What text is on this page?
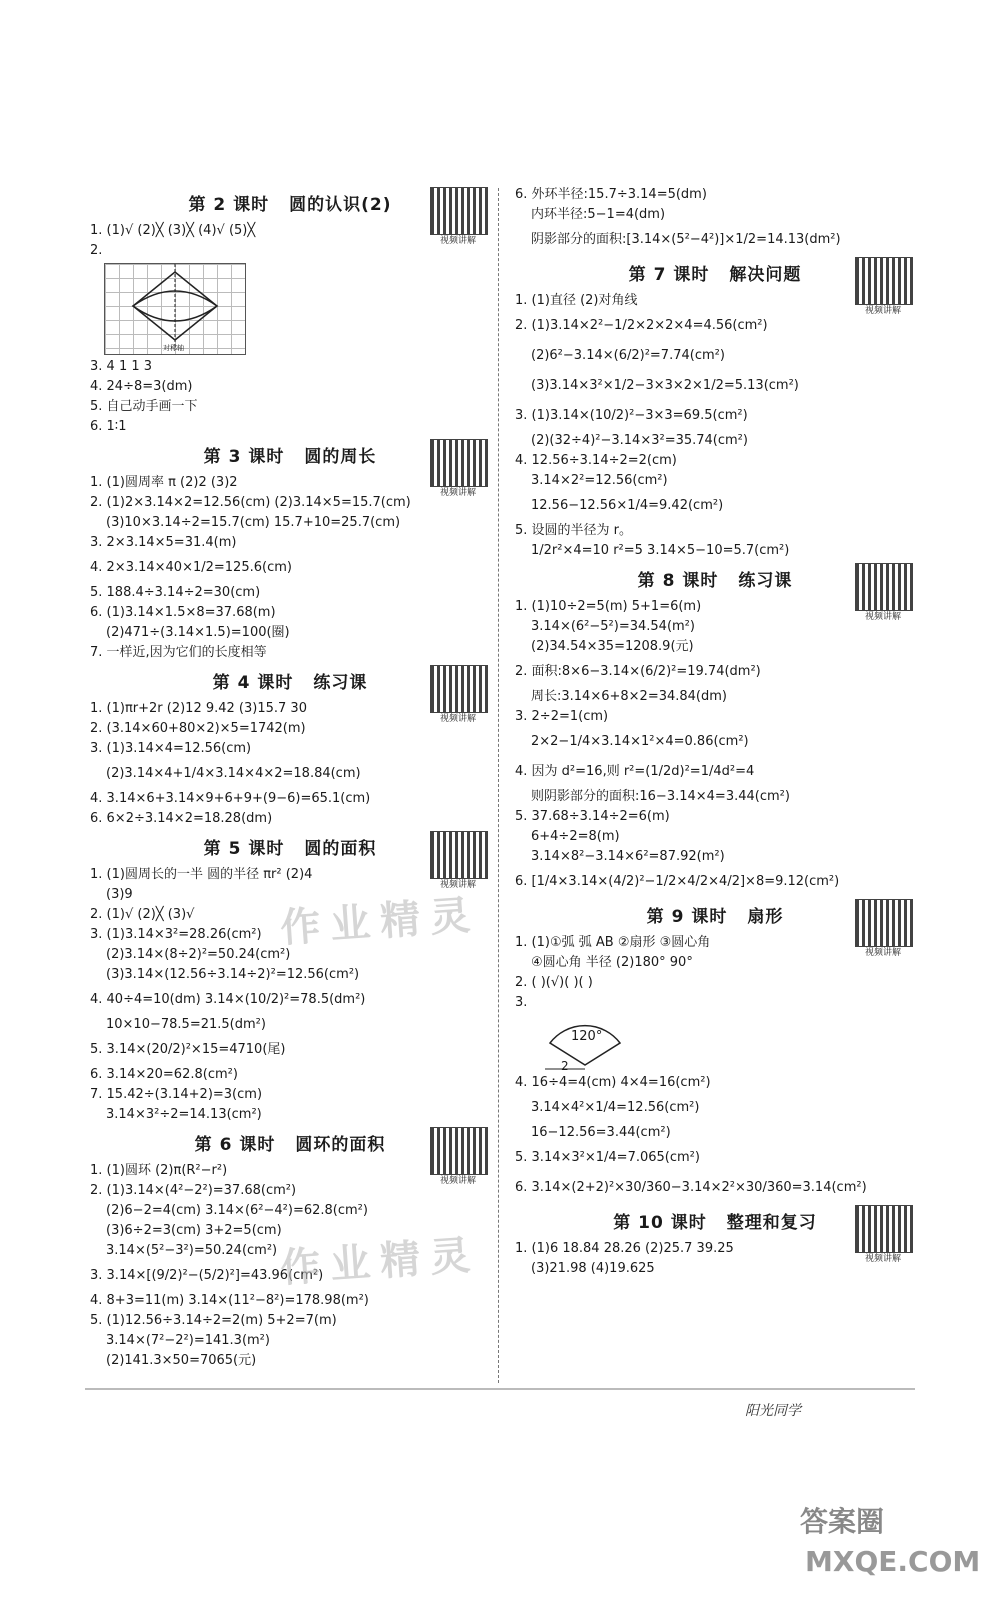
第 2 课时 圆的认识(2)
视频讲解
1. (1)√ (2)╳ (3)╳ (4)√ (5)╳
2.
对称轴
3. 4 1 1 3
4. 24÷8=3(dm)
5. 自己动手画一下
6. 1∶1
第 3 课时 圆的周长
视频讲解
1. (1)圆周率 π (2)2 (3)2
2. (1)2×3.14×2=12.56(cm) (2)3.14×5=15.7(cm)
(3)10×3.14÷2=15.7(cm) 15.7+10=25.7(cm)
3. 2×3.14×5=31.4(m)
4. 2×3.14×40×1/2=125.6(cm)
5. 188.4÷3.14÷2=30(cm)
6. (1)3.14×1.5×8=37.68(m)
(2)471÷(3.14×1.5)=100(圈)
7. 一样近,因为它们的长度相等
第 4 课时 练习课
视频讲解
1. (1)πr+2r (2)12 9.42 (3)15.7 30
2. (3.14×60+80×2)×5=1742(m)
3. (1)3.14×4=12.56(cm)
(2)3.14×4+1/4×3.14×4×2=18.84(cm)
4. 3.14×6+3.14×9+6+9+(9−6)=65.1(cm)
6. 6×2÷3.14×2=18.28(dm)
第 5 课时 圆的面积
视频讲解
1. (1)圆周长的一半 圆的半径 πr² (2)4
(3)9
2. (1)√ (2)╳ (3)√
3. (1)3.14×3²=28.26(cm²)
(2)3.14×(8÷2)²=50.24(cm²)
(3)3.14×(12.56÷3.14÷2)²=12.56(cm²)
4. 40÷4=10(dm) 3.14×(10/2)²=78.5(dm²)
10×10−78.5=21.5(dm²)
5. 3.14×(20/2)²×15=4710(尾)
6. 3.14×20=62.8(cm²)
7. 15.42÷(3.14+2)=3(cm)
3.14×3²÷2=14.13(cm²)
第 6 课时 圆环的面积
视频讲解
1. (1)圆环 (2)π(R²−r²)
2. (1)3.14×(4²−2²)=37.68(cm²)
(2)6−2=4(cm) 3.14×(6²−4²)=62.8(cm²)
(3)6÷2=3(cm) 3+2=5(cm)
3.14×(5²−3²)=50.24(cm²)
3. 3.14×[(9/2)²−(5/2)²]=43.96(cm²)
4. 8+3=11(m) 3.14×(11²−8²)=178.98(m²)
5. (1)12.56÷3.14÷2=2(m) 5+2=7(m)
3.14×(7²−2²)=141.3(m²)
(2)141.3×50=7065(元)
6. 外环半径:15.7÷3.14=5(dm)
内环半径:5−1=4(dm)
阴影部分的面积:[3.14×(5²−4²)]×1/2=14.13(dm²)
第 7 课时 解决问题
视频讲解
1. (1)直径 (2)对角线
2. (1)3.14×2²−1/2×2×2×4=4.56(cm²)
(2)6²−3.14×(6/2)²=7.74(cm²)
(3)3.14×3²×1/2−3×3×2×1/2=5.13(cm²)
3. (1)3.14×(10/2)²−3×3=69.5(cm²)
(2)(32÷4)²−3.14×3²=35.74(cm²)
4. 12.56÷3.14÷2=2(cm)
3.14×2²=12.56(cm²)
12.56−12.56×1/4=9.42(cm²)
5. 设圆的半径为 r。
1/2r²×4=10 r²=5 3.14×5−10=5.7(cm²)
第 8 课时 练习课
视频讲解
1. (1)10÷2=5(m) 5+1=6(m)
3.14×(6²−5²)=34.54(m²)
(2)34.54×35=1208.9(元)
2. 面积:8×6−3.14×(6/2)²=19.74(dm²)
周长:3.14×6+8×2=34.84(dm)
3. 2÷2=1(cm)
2×2−1/4×3.14×1²×4=0.86(cm²)
4. 因为 d²=16,则 r²=(1/2d)²=1/4d²=4
则阴影部分的面积:16−3.14×4=3.44(cm²)
5. 37.68÷3.14÷2=6(m)
6+4÷2=8(m)
3.14×8²−3.14×6²=87.92(m²)
6. [1/4×3.14×(4/2)²−1/2×4/2×4/2]×8=9.12(cm²)
第 9 课时 扇形
视频讲解
1. (1)①弧 弧 AB ②扇形 ③圆心角
④圆心角 半径 (2)180° 90°
2. ( )(√)( )( )
3.
120°
2
4. 16÷4=4(cm) 4×4=16(cm²)
3.14×4²×1/4=12.56(cm²)
16−12.56=3.44(cm²)
5. 3.14×3²×1/4=7.065(cm²)
6. 3.14×(2+2)²×30/360−3.14×2²×30/360=3.14(cm²)
第 10 课时 整理和复习
视频讲解
1. (1)6 18.84 28.26 (2)25.7 39.25
(3)21.98 (4)19.625
作业精灵
作业精灵
阳光同学
答案圈
MXQE.COM
